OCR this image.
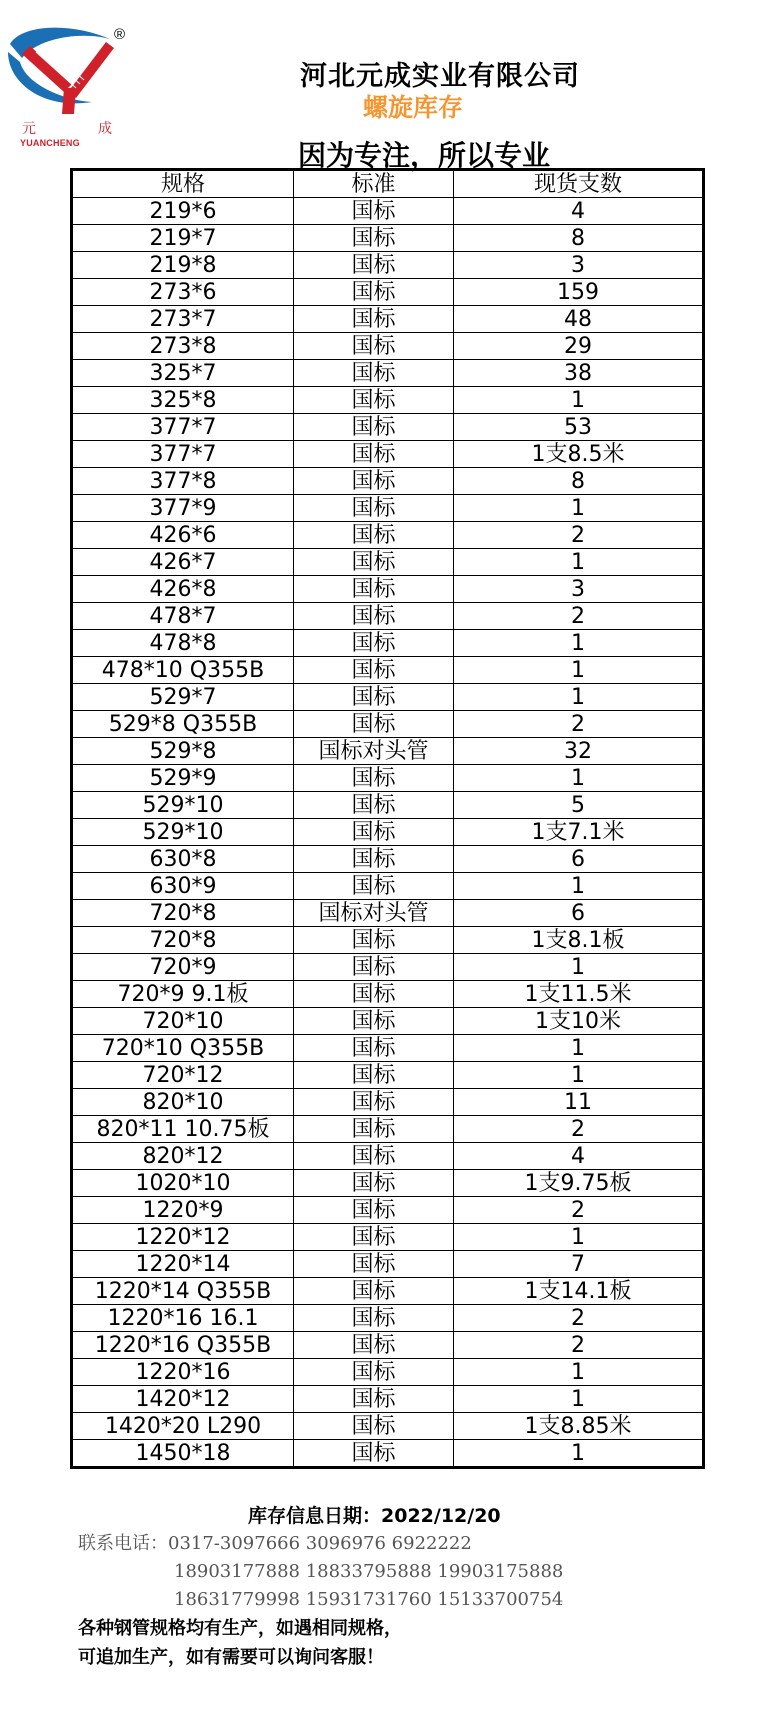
元	成
YUANCHENG
®
河北元成实业有限公司
螺旋库存
因为专注，所以专业
规格	标准	现货支数
219*6	国标	4
219*7	国标	8
219*8	国标	3
273*6	国标	159
273*7	国标	48
273*8	国标	29
325*7	国标	38
325*8	国标	1
377*7	国标	53
377*7	国标	1支8.5米
377*8	国标	8
377*9	国标	1
426*6	国标	2
426*7	国标	1
426*8	国标	3
478*7	国标	2
478*8	国标	1
478*10 Q355B	国标	1
529*7	国标	1
529*8 Q355B	国标	2
529*8	国标对头管	32
529*9	国标	1
529*10	国标	5
529*10	国标	1支7.1米
630*8	国标	6
630*9	国标	1
720*8	国标对头管	6
720*8	国标	1支8.1板
720*9	国标	1
720*9 9.1板	国标	1支11.5米
720*10	国标	1支10米
720*10 Q355B	国标	1
720*12	国标	1
820*10	国标	11
820*11 10.75板	国标	2
820*12	国标	4
1020*10	国标	1支9.75板
1220*9	国标	2
1220*12	国标	1
1220*14	国标	7
1220*14 Q355B	国标	1支14.1板
1220*16 16.1	国标	2
1220*16 Q355B	国标	2
1220*16	国标	1
1420*12	国标	1
1420*20 L290	国标	1支8.85米
1450*18	国标	1
库存信息日期：2022/12/20
联系电话：0317-3097666 3096976 6922222
18903177888 18833795888 19903175888
18631779998 15931731760 15133700754
各种钢管规格均有生产，如遇相同规格，
可追加生产，如有需要可以询问客服！
